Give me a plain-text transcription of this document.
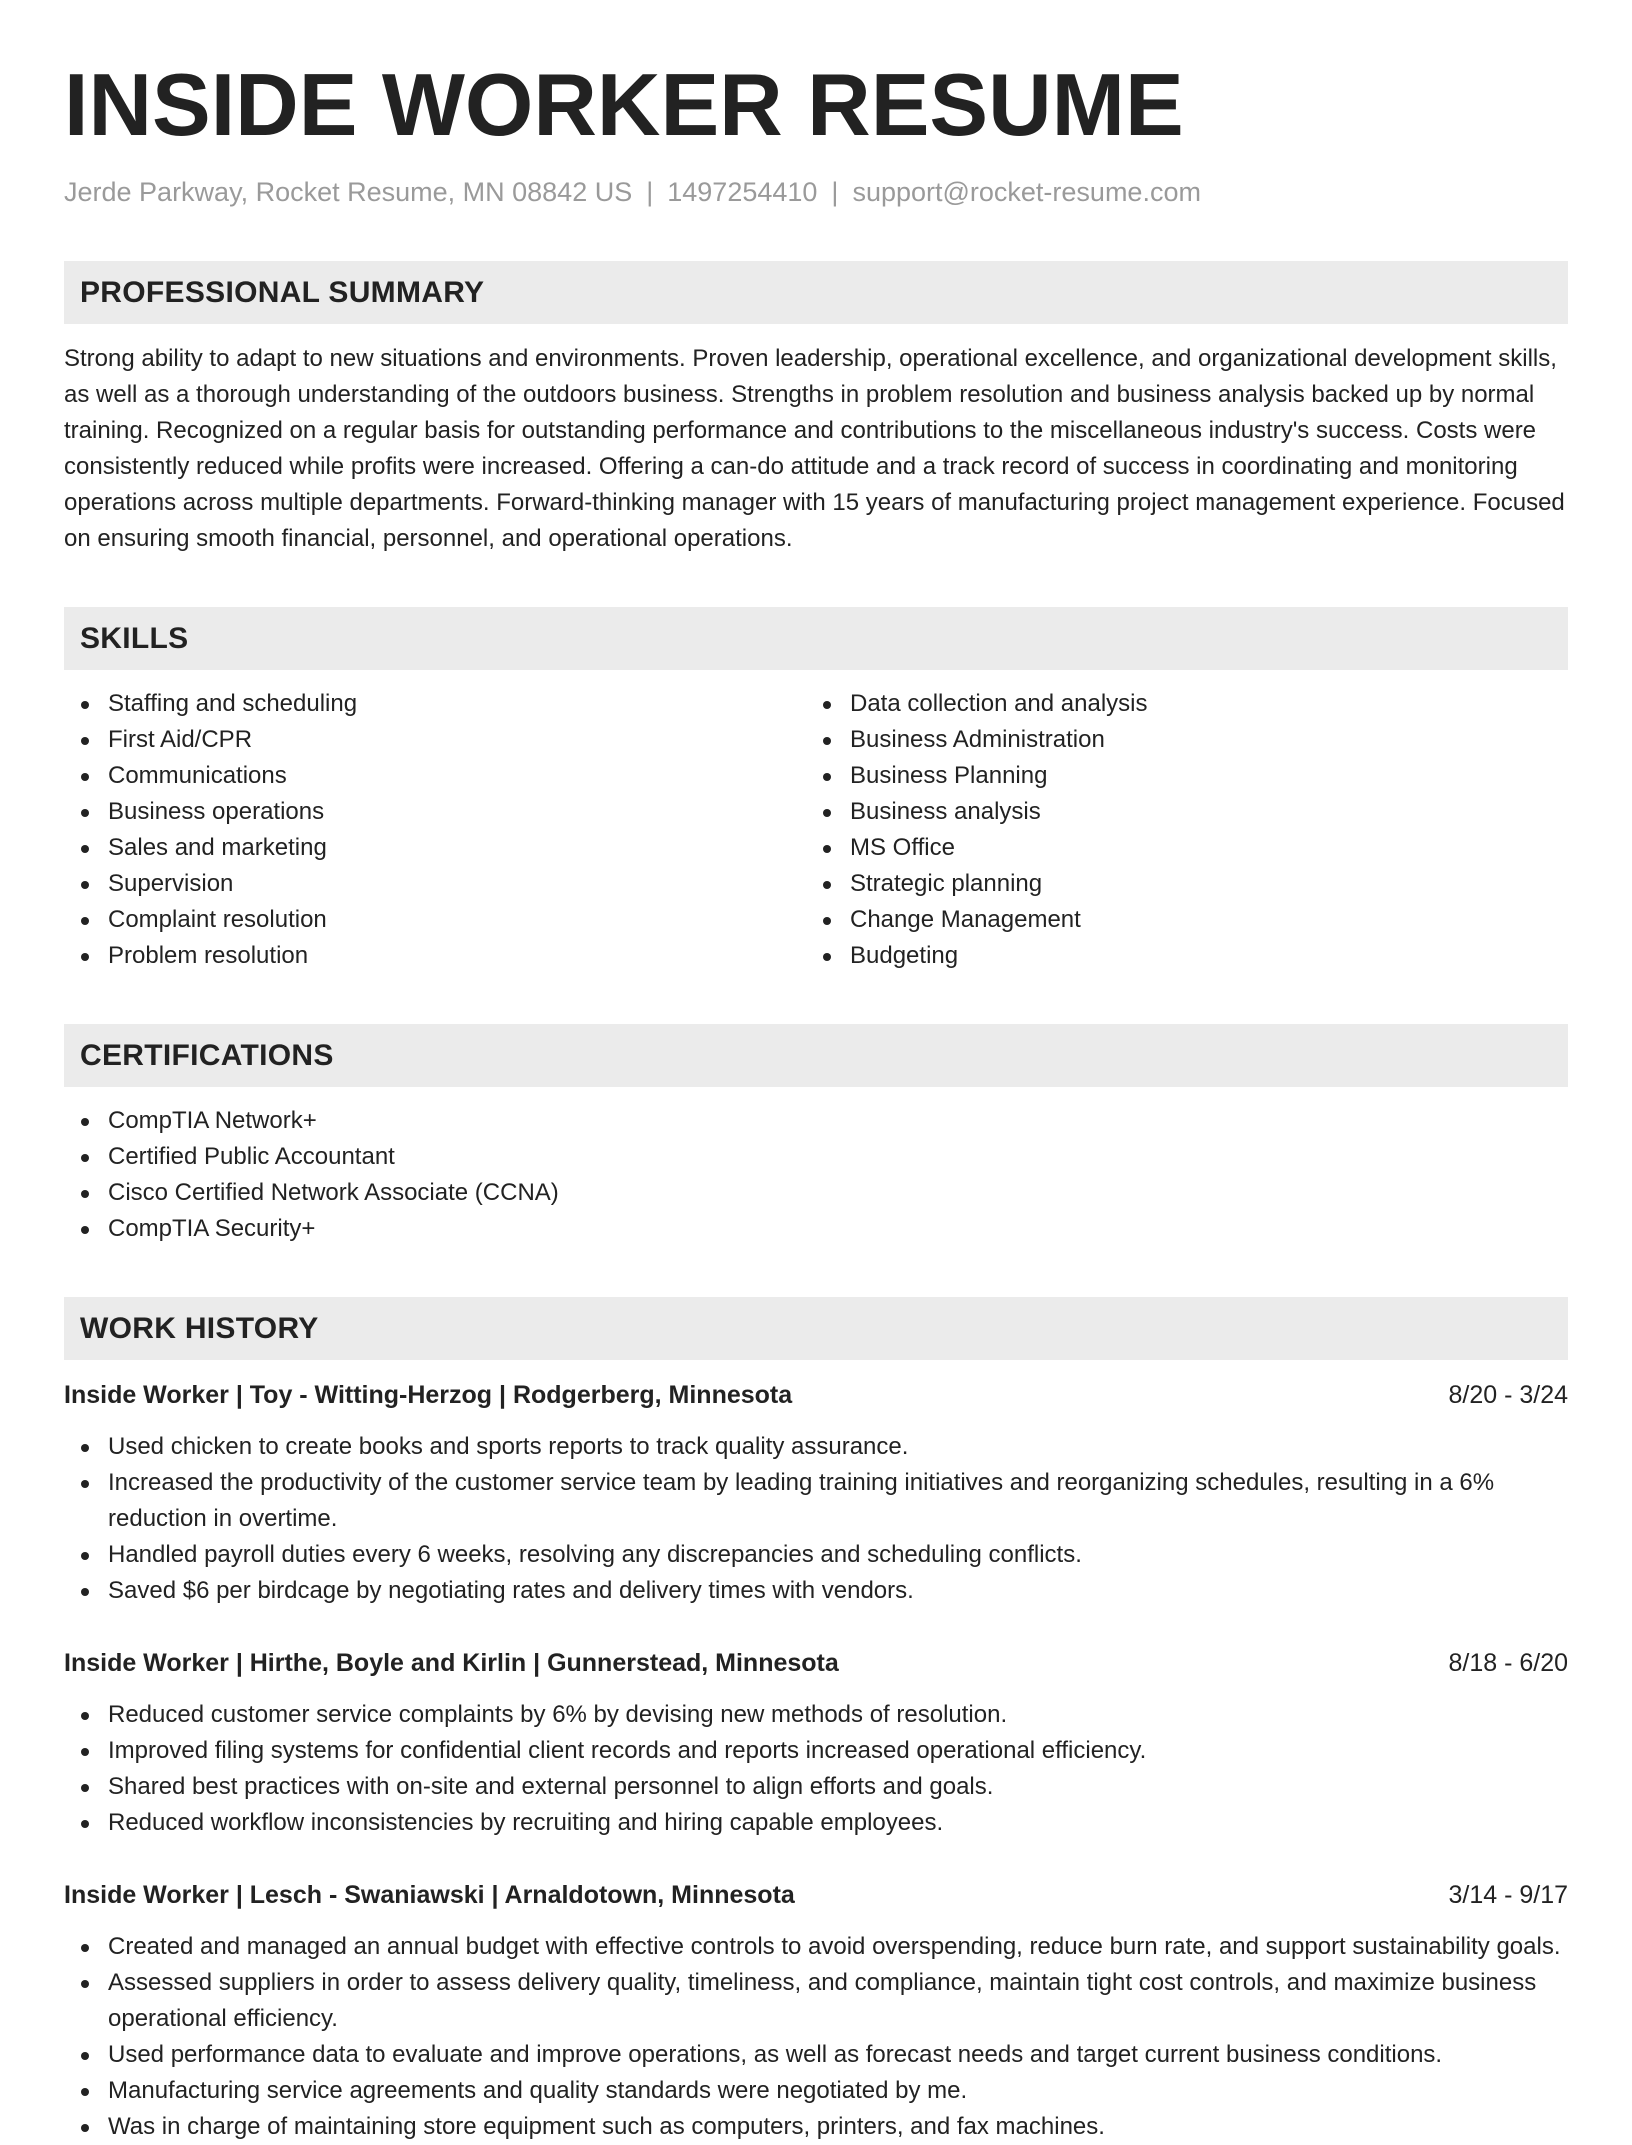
INSIDE WORKER RESUME
Jerde Parkway, Rocket Resume, MN 08842 US | 1497254410 | support@rocket-resume.com
PROFESSIONAL SUMMARY
Strong ability to adapt to new situations and environments. Proven leadership, operational excellence, and organizational development skills, as well as a thorough understanding of the outdoors business. Strengths in problem resolution and business analysis backed up by normal training. Recognized on a regular basis for outstanding performance and contributions to the miscellaneous industry's success. Costs were consistently reduced while profits were increased. Offering a can-do attitude and a track record of success in coordinating and monitoring operations across multiple departments. Forward-thinking manager with 15 years of manufacturing project management experience. Focused on ensuring smooth financial, personnel, and operational operations.
SKILLS
Staffing and scheduling
First Aid/CPR
Communications
Business operations
Sales and marketing
Supervision
Complaint resolution
Problem resolution
Data collection and analysis
Business Administration
Business Planning
Business analysis
MS Office
Strategic planning
Change Management
Budgeting
CERTIFICATIONS
CompTIA Network+
Certified Public Accountant
Cisco Certified Network Associate (CCNA)
CompTIA Security+
WORK HISTORY
Inside Worker | Toy - Witting-Herzog | Rodgerberg, Minnesota	8/20 - 3/24
Used chicken to create books and sports reports to track quality assurance.
Increased the productivity of the customer service team by leading training initiatives and reorganizing schedules, resulting in a 6% reduction in overtime.
Handled payroll duties every 6 weeks, resolving any discrepancies and scheduling conflicts.
Saved $6 per birdcage by negotiating rates and delivery times with vendors.
Inside Worker | Hirthe, Boyle and Kirlin | Gunnerstead, Minnesota	8/18 - 6/20
Reduced customer service complaints by 6% by devising new methods of resolution.
Improved filing systems for confidential client records and reports increased operational efficiency.
Shared best practices with on-site and external personnel to align efforts and goals.
Reduced workflow inconsistencies by recruiting and hiring capable employees.
Inside Worker | Lesch - Swaniawski | Arnaldotown, Minnesota	3/14 - 9/17
Created and managed an annual budget with effective controls to avoid overspending, reduce burn rate, and support sustainability goals.
Assessed suppliers in order to assess delivery quality, timeliness, and compliance, maintain tight cost controls, and maximize business operational efficiency.
Used performance data to evaluate and improve operations, as well as forecast needs and target current business conditions.
Manufacturing service agreements and quality standards were negotiated by me.
Was in charge of maintaining store equipment such as computers, printers, and fax machines.
